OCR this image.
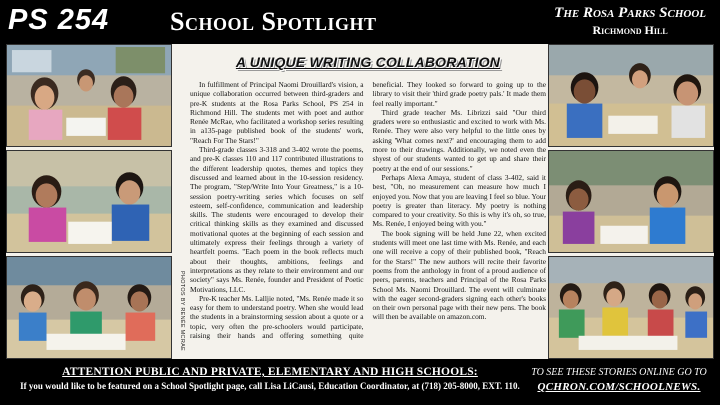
PS 254 School Spotlight	The Rosa Parks School
Richmond Hill
PHOTOS BY RENÉE MCRAE
A UNIQUE WRITING COLLABORATION

In fulfillment of Principal Naomi Drouillard's vision, a unique collaboration occurred between third-graders and pre-K students at the Rosa Parks School, PS 254 in Richmond Hill. The students met with poet and author Renée McRae, who facilitated a workshop series resulting in a135-page published book of the students' work, "Reach For The Stars!"

Third-grade classes 3-318 and 3-402 wrote the poems, and pre-K classes 110 and 117 contributed illustrations to the different leadership quotes, themes and topics they discussed and learned about in the 10-session residency. The program, "Step/Write Into Your Greatness," is a 10-session poetry-writing series which focuses on self esteem, self-confidence, communication and leadership skills. The students were encouraged to develop their critical thinking skills as they examined and discussed motivational quotes at the beginning of each session and ultimately express their feelings through a variety of heartfelt poems. "Each poem in the book reflects much about their thoughts, ambitions, feelings and interpretations as they relate to their environment and our society" says Ms. Renée, founder and President of Poetic Motivations, LLC.

Pre-K teacher Ms. Lalljie noted, "Ms. Renée made it so easy for them to understand poetry. When she would lead the students in a brainstorming session about a quote or a topic, very often the pre-schoolers would participate, raising their hands and offering something quite beneficial. They looked so forward to going up to the library to visit their 'third grade poetry pals.' It made them feel really important."

Third grade teacher Ms. Librizzi said "Our third graders were so enthusiastic and excited to work with Ms. Renée. They were also very helpful to the little ones by asking 'What comes next?' and encouraging them to add more to their drawings. Additionally, we noted even the shyest of our students wanted to get up and share their poetry at the end of our sessions."

Perhaps Alexa Amaya, student of class 3-402, said it best, "Oh, no measurement can measure how much I enjoyed you. Now that you are leaving I feel so blue. Your poetry is greater than literacy. My poetry is nothing compared to your creativity. So this is why it's oh, so true, Ms. Renée, I enjoyed being with you."

The book signing will be held June 22, when excited students will meet one last time with Ms. Renée, and each one will receive a copy of their published book, "Reach for the Stars!" The new authors will recite their favorite poems from the anthology in front of a proud audience of peers, parents, teachers and Principal of the Rosa Parks School Ms. Naomi Drouillard. The event will culminate with the eager second-graders signing each other's books on their own personal page with their new pens. The book will then be available on amazon.com.

ATTENTION PUBLIC AND PRIVATE, ELEMENTARY AND HIGH SCHOOLS:
If you would like to be featured on a School Spotlight page, call Lisa LiCausi, Education Coordinator, at (718) 205-8000, EXT. 110.
TO SEE THESE STORIES ONLINE GO TO
QCHRON.COM/SCHOOLNEWS.
